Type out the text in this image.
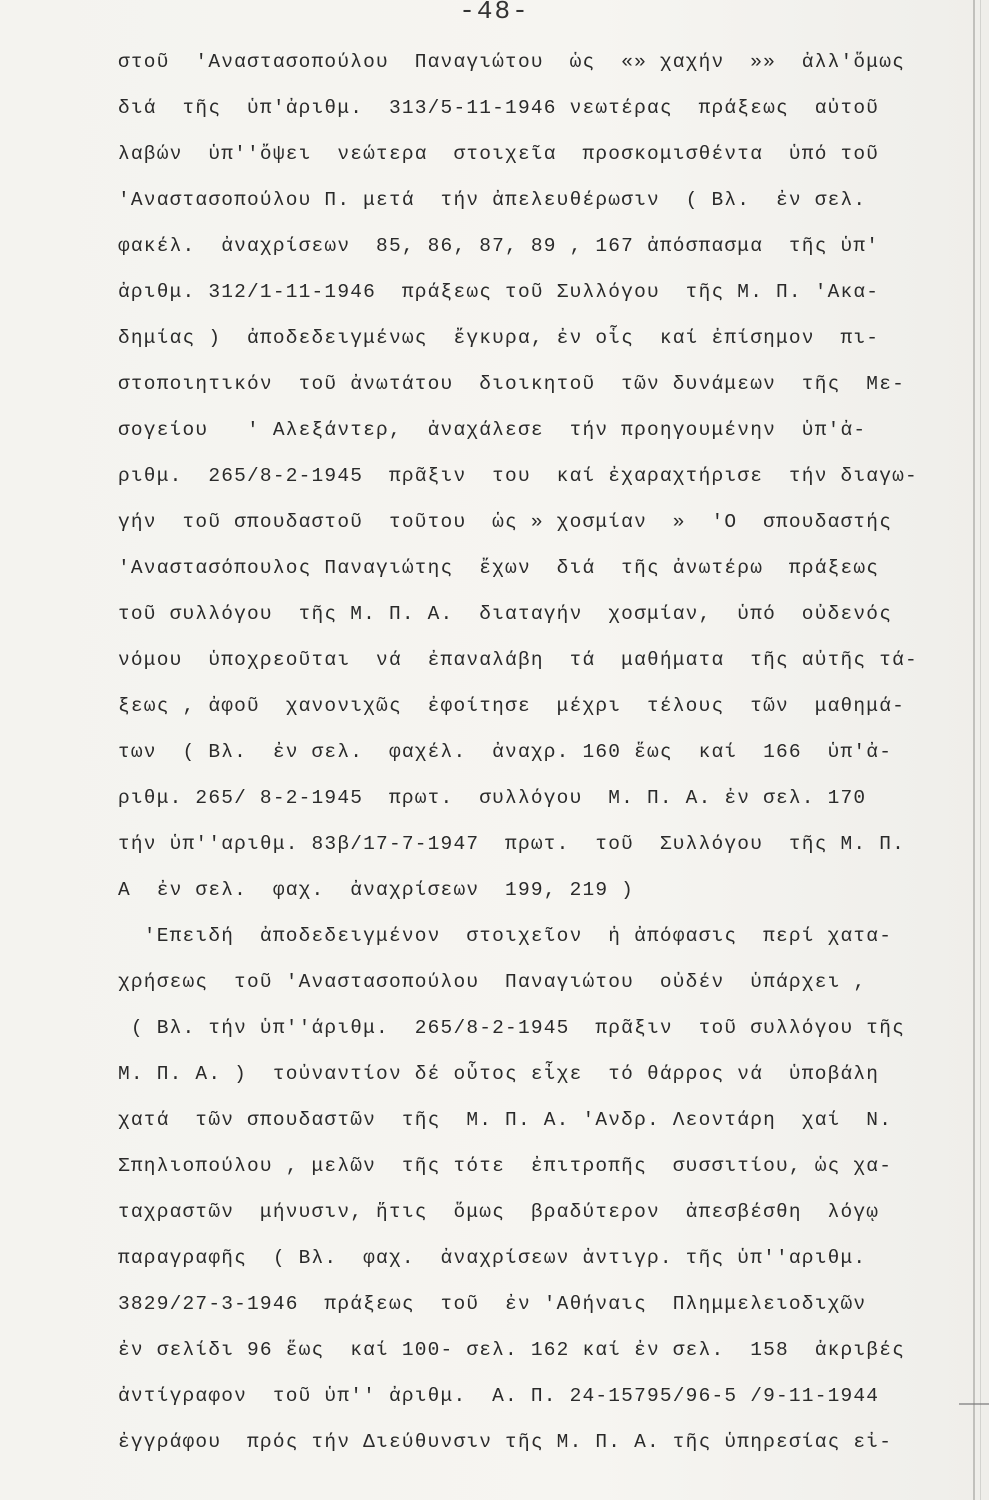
-48-
στοῦ  'Αναστασοπούλου  Παναγιώτου  ὡς  «» χαχήν  »»  ἀλλ'ὅμως
διά  τῆς  ὑπ'ἀριθμ.  313/5-11-1946 νεωτέρας  πράξεως  αὐτοῦ
λαβών  ὑπ''ὄψει  νεώτερα  στοιχεῖα  προσκομισθέντα  ὑπό τοῦ
'Αναστασοπούλου Π. μετά  τήν ἀπελευθέρωσιν  ( Βλ.  ἐν σελ.
φακέλ.  ἀναχρίσεων  85, 86, 87, 89 , 167 ἀπόσπασμα  τῆς ὑπ'
ἀριθμ. 312/1-11-1946  πράξεως τοῦ Συλλόγου  τῆς Μ. Π. 'Ακα-
δημίας )  ἀποδεδειγμένως  ἔγκυρα, ἐν οἷς  καί ἐπίσημον  πι-
στοποιητικόν  τοῦ ἀνωτάτου  διοικητοῦ  τῶν δυνάμεων  τῆς  Με-
σογείου   ' Αλεξάντερ,  ἀναχάλεσε  τήν προηγουμένην  ὑπ'ἀ-
ριθμ.  265/8-2-1945  πρᾶξιν  του  καί ἐχαραχτήρισε  τήν διαγω-
γήν  τοῦ σπουδαστοῦ  τοῦτου  ὡς » χοσμίαν  »  'Ο  σπουδαστής
'Αναστασόπουλος Παναγιώτης  ἔχων  διά  τῆς ἀνωτέρω  πράξεως
τοῦ συλλόγου  τῆς Μ. Π. Α.  διαταγήν  χοσμίαν,  ὑπό  οὐδενός
νόμου  ὑποχρεοῦται  νά  ἐπαναλάβη  τά  μαθήματα  τῆς αὐτῆς τά-
ξεως , ἀφοῦ  χανονιχῶς  ἐφοίτησε  μέχρι  τέλους  τῶν  μαθημά-
των  ( Βλ.  ἐν σελ.  φαχέλ.  ἀναχρ. 160 ἕως  καί  166  ὑπ'ἀ-
ριθμ. 265/ 8-2-1945  πρωτ.  συλλόγου  Μ. Π. Α. ἐν σελ. 170
τήν ὑπ''αριθμ. 83β/17-7-1947  πρωτ.  τοῦ  Συλλόγου  τῆς Μ. Π.
Α  ἐν σελ.  φαχ.  ἀναχρίσεων  199, 219 )
'Επειδή  ἀποδεδειγμένον  στοιχεῖον  ἡ ἀπόφασις  περί χατα-
χρήσεως  τοῦ 'Αναστασοπούλου  Παναγιώτου  οὐδέν  ὑπάρχει ,
( Βλ. τήν ὑπ''άριθμ.  265/8-2-1945  πρᾶξιν  τοῦ συλλόγου τῆς
Μ. Π. Α. )  τοὐναντίον δέ οὗτος εἶχε  τό θάρρος νά  ὑποβάλη
χατά  τῶν σπουδαστῶν  τῆς  Μ. Π. Α. 'Ανδρ. Λεοντάρη  χαί  Ν.
Σπηλιοπούλου , μελῶν  τῆς τότε  ἐπιτροπῆς  συσσιτίου, ὡς χα-
ταχραστῶν  μήνυσιν, ἥτις  ὅμως  βραδύτερον  ἀπεσβέσθη  λόγῳ
παραγραφῆς  ( Βλ.  φαχ.  ἀναχρίσεων ἀντιγρ. τῆς ὑπ''αριθμ.
3829/27-3-1946  πράξεως  τοῦ  ἐν 'Αθήναις  Πλημμελειοδιχῶν
ἐν σελίδι 96 ἕως  καί 100- σελ. 162 καί ἐν σελ.  158  ἀκριβές
ἀντίγραφον  τοῦ ὑπ'' ἀριθμ.  Α. Π. 24-15795/96-5 /9-11-1944
ἐγγράφου  πρός τήν Διεύθυνσιν τῆς Μ. Π. Α. τῆς ὑπηρεσίας εἰ-
